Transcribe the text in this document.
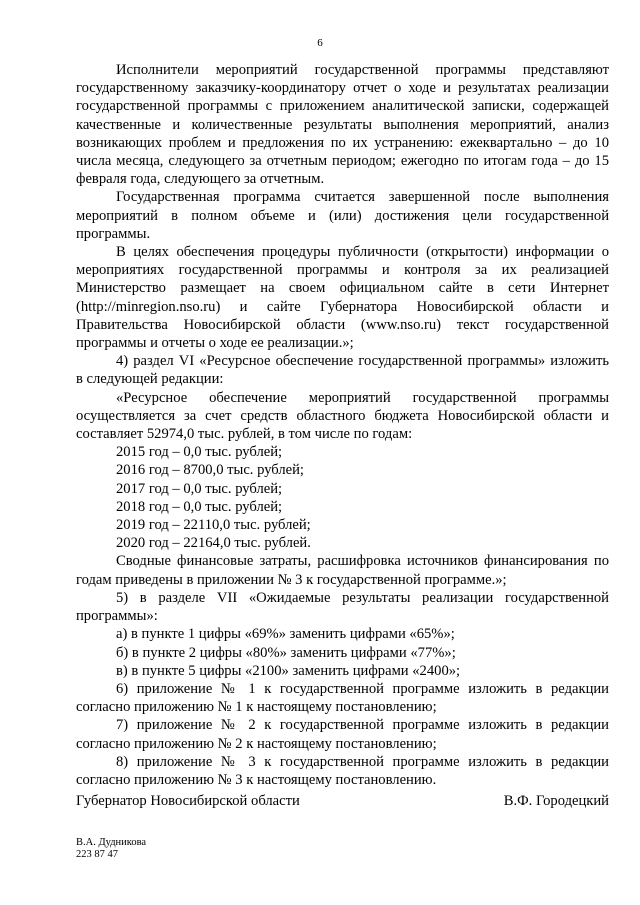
6

Исполнители мероприятий государственной программы представляют государственному заказчику-координатору отчет о ходе и результатах реализации государственной программы с приложением аналитической записки, содержащей качественные и количественные результаты выполнения мероприятий, анализ возникающих проблем и предложения по их устранению: ежеквартально – до 10 числа месяца, следующего за отчетным периодом; ежегодно по итогам года – до 15 февраля года, следующего за отчетным.

Государственная программа считается завершенной после выполнения мероприятий в полном объеме и (или) достижения цели государственной программы.

В целях обеспечения процедуры публичности (открытости) информации о мероприятиях государственной программы и контроля за их реализацией Министерство размещает на своем официальном сайте в сети Интернет (http://minregion.nso.ru) и сайте Губернатора Новосибирской области и Правительства Новосибирской области (www.nso.ru) текст государственной программы и отчеты о ходе ее реализации.»;

4) раздел VI «Ресурсное обеспечение государственной программы» изложить в следующей редакции:

«Ресурсное обеспечение мероприятий государственной программы осуществляется за счет средств областного бюджета Новосибирской области и составляет 52974,0 тыс. рублей, в том числе по годам:

2015 год – 0,0 тыс. рублей;

2016 год – 8700,0 тыс. рублей;

2017 год – 0,0 тыс. рублей;

2018 год – 0,0 тыс. рублей;

2019 год – 22110,0 тыс. рублей;

2020 год – 22164,0 тыс. рублей.

Сводные финансовые затраты, расшифровка источников финансирования по годам приведены в приложении № 3 к государственной программе.»;

5) в разделе VII «Ожидаемые результаты реализации государственной программы»:

а) в пункте 1 цифры «69%» заменить цифрами «65%»;

б) в пункте 2 цифры «80%» заменить цифрами «77%»;

в) в пункте 5 цифры «2100» заменить цифрами «2400»;

6) приложение № 1 к государственной программе изложить в редакции согласно приложению № 1 к настоящему постановлению;

7) приложение № 2 к государственной программе изложить в редакции согласно приложению № 2 к настоящему постановлению;

8) приложение № 3 к государственной программе изложить в редакции согласно приложению № 3 к настоящему постановлению.

Губернатор Новосибирской области	В.Ф. Городецкий
В.А. Дудникова
223 87 47
